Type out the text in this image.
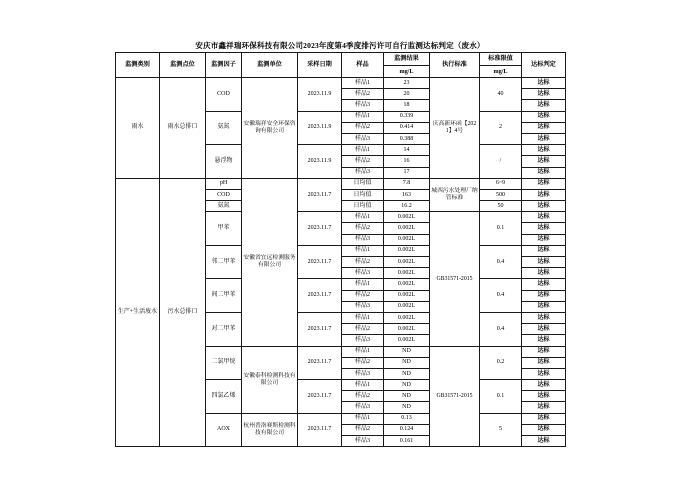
安庆市鑫祥瑞环保科技有限公司2023年度第4季度排污许可自行监测达标判定（废水）
监测类别	监测点位	监测因子	监测单位	采样日期	样品	监测结果	执行标准	标准限值	达标判定
						mg/L		mg/L	
雨水	雨水总排口	COD	安徽瑞祥安全环保咨询有限公司	2023.11.9	样品1	23	庆高新环函【2021】4号	40	达标
					样品2	20			达标
					样品3	18			达标
		氨氮		2023.11.9	样品1	0.339		2	达标
					样品2	0.414			达标
					样品3	0.388			达标
		悬浮物		2023.11.9	样品1	14		/	达标
					样品2	16			达标
					样品3	17			达标
生产+生活废水	污水总排口	pH	安徽省宜远检测服务有限公司	2023.11.7	日均值	7.8	城西污水处理厂纳管标准	6~9	达标
		COD			日均值	163		500	达标
		氨氮			日均值	16.2		50	达标
		甲苯		2023.11.7	样品1	0.002L	GB31571-2015	0.1	达标
					样品2	0.002L			达标
					样品3	0.002L			达标
		邻二甲苯		2023.11.7	样品1	0.002L		0.4	达标
					样品2	0.002L			达标
					样品3	0.002L			达标
		间二甲苯		2023.11.7	样品1	0.002L		0.4	达标
					样品2	0.002L			达标
					样品3	0.002L			达标
		对二甲苯		2023.11.7	样品1	0.002L		0.4	达标
					样品2	0.002L			达标
					样品3	0.002L			达标
		二氯甲烷	安徽泰科检测科技有限公司	2023.11.7	样品1	ND	GB31571-2015	0.2	达标
					样品2	ND			达标
					样品3	ND			达标
		四氯乙烯		2023.11.7	样品1	ND		0.1	达标
					样品2	ND			达标
					样品3	ND			达标
		AOX	杭州普洛赛斯检测科技有限公司	2023.11.7	样品1	0.13		5	达标
					样品2	0.124			达标
					样品3	0.161			达标
